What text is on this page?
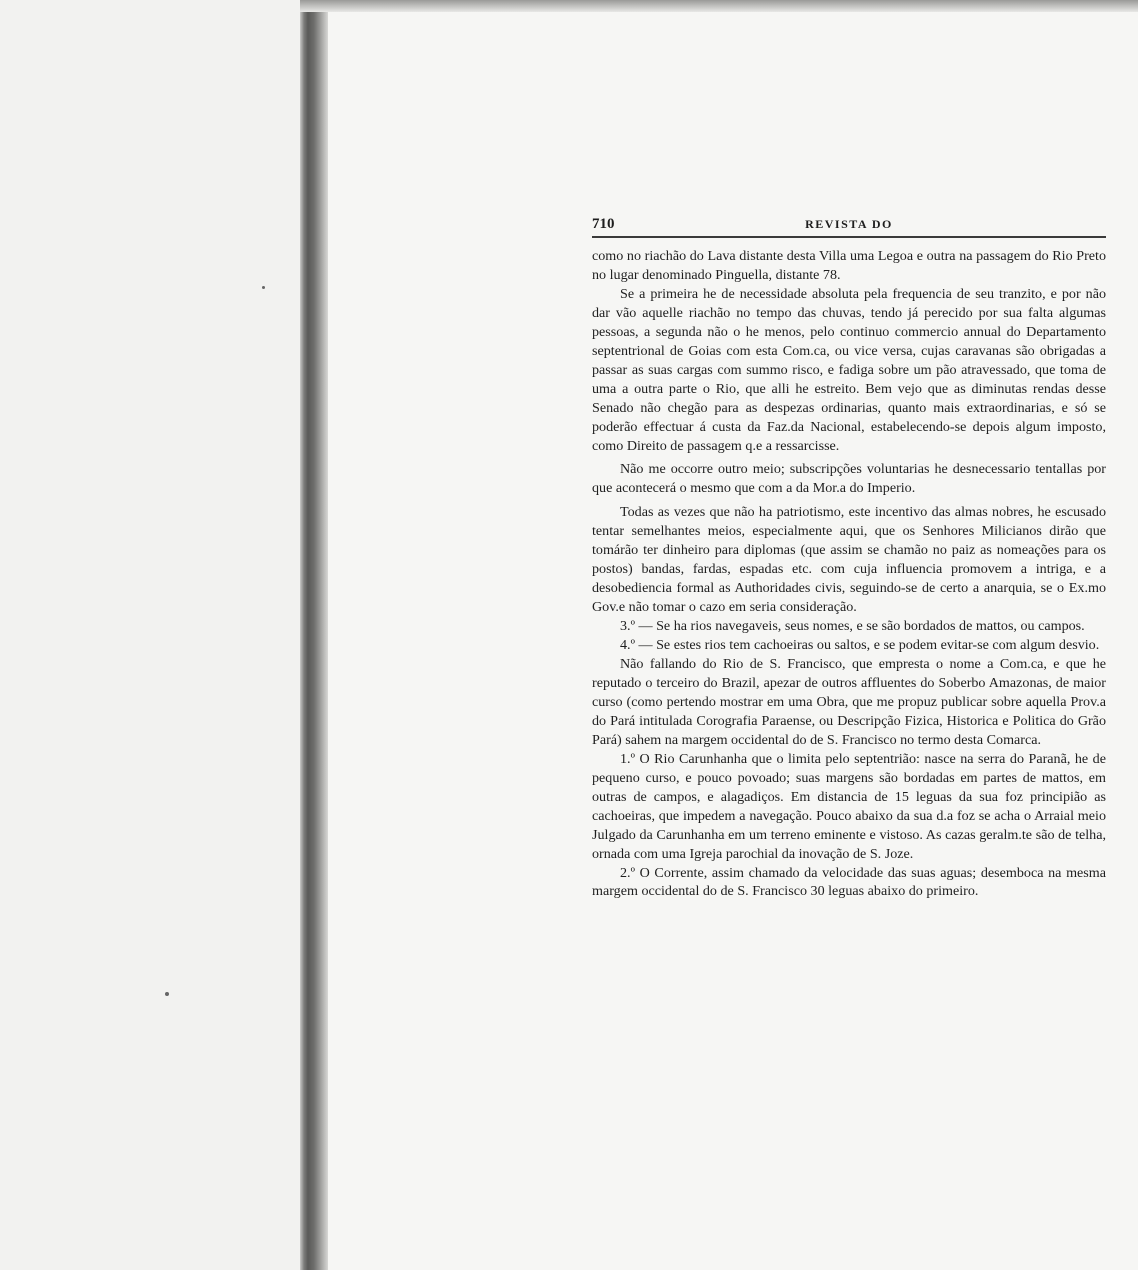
710	REVISTA DO

como no riachão do Lava distante desta Villa uma Legoa e outra na passagem do Rio Preto no lugar denominado Pinguella, distante 78.

Se a primeira he de necessidade absoluta pela frequencia de seu tranzito, e por não dar vão aquelle riachão no tempo das chuvas, tendo já perecido por sua falta algumas pessoas, a segunda não o he menos, pelo continuo commercio annual do Departamento septentrional de Goias com esta Com.ca, ou vice versa, cujas caravanas são obrigadas a passar as suas cargas com summo risco, e fadiga sobre um pão atravessado, que toma de uma a outra parte o Rio, que alli he estreito. Bem vejo que as diminutas rendas desse Senado não chegão para as despezas ordinarias, quanto mais extraordinarias, e só se poderão effectuar á custa da Faz.da Nacional, estabelecendo-se depois algum imposto, como Direito de passagem q.e a ressarcisse.

Não me occorre outro meio; subscripções voluntarias he desnecessario tentallas por que acontecerá o mesmo que com a da Mor.a do Imperio.

Todas as vezes que não ha patriotismo, este incentivo das almas nobres, he escusado tentar semelhantes meios, especialmente aqui, que os Senhores Milicianos dirão que tomárão ter dinheiro para diplomas (que assim se chamão no paiz as nomeações para os postos) bandas, fardas, espadas etc. com cuja influencia promovem a intriga, e a desobediencia formal as Authoridades civis, seguindo-se de certo a anarquia, se o Ex.mo Gov.e não tomar o cazo em seria consideração.

3.º — Se ha rios navegaveis, seus nomes, e se são bordados de mattos, ou campos.

4.º — Se estes rios tem cachoeiras ou saltos, e se podem evitar-se com algum desvio.

Não fallando do Rio de S. Francisco, que empresta o nome a Com.ca, e que he reputado o terceiro do Brazil, apezar de outros affluentes do Soberbo Amazonas, de maior curso (como pertendo mostrar em uma Obra, que me propuz publicar sobre aquella Prov.a do Pará intitulada Corografia Paraense, ou Descripção Fizica, Historica e Politica do Grão Pará) sahem na margem occidental do de S. Francisco no termo desta Comarca.

1.º O Rio Carunhanha que o limita pelo septentrião: nasce na serra do Paranã, he de pequeno curso, e pouco povoado; suas margens são bordadas em partes de mattos, em outras de campos, e alagadiços. Em distancia de 15 leguas da sua foz principião as cachoeiras, que impedem a navegação. Pouco abaixo da sua d.a foz se acha o Arraial meio Julgado da Carunhanha em um terreno eminente e vistoso. As cazas geralm.te são de telha, ornada com uma Igreja parochial da inovação de S. Joze.

2.º O Corrente, assim chamado da velocidade das suas aguas; desemboca na mesma margem occidental do de S. Francisco 30 leguas abaixo do primeiro.
